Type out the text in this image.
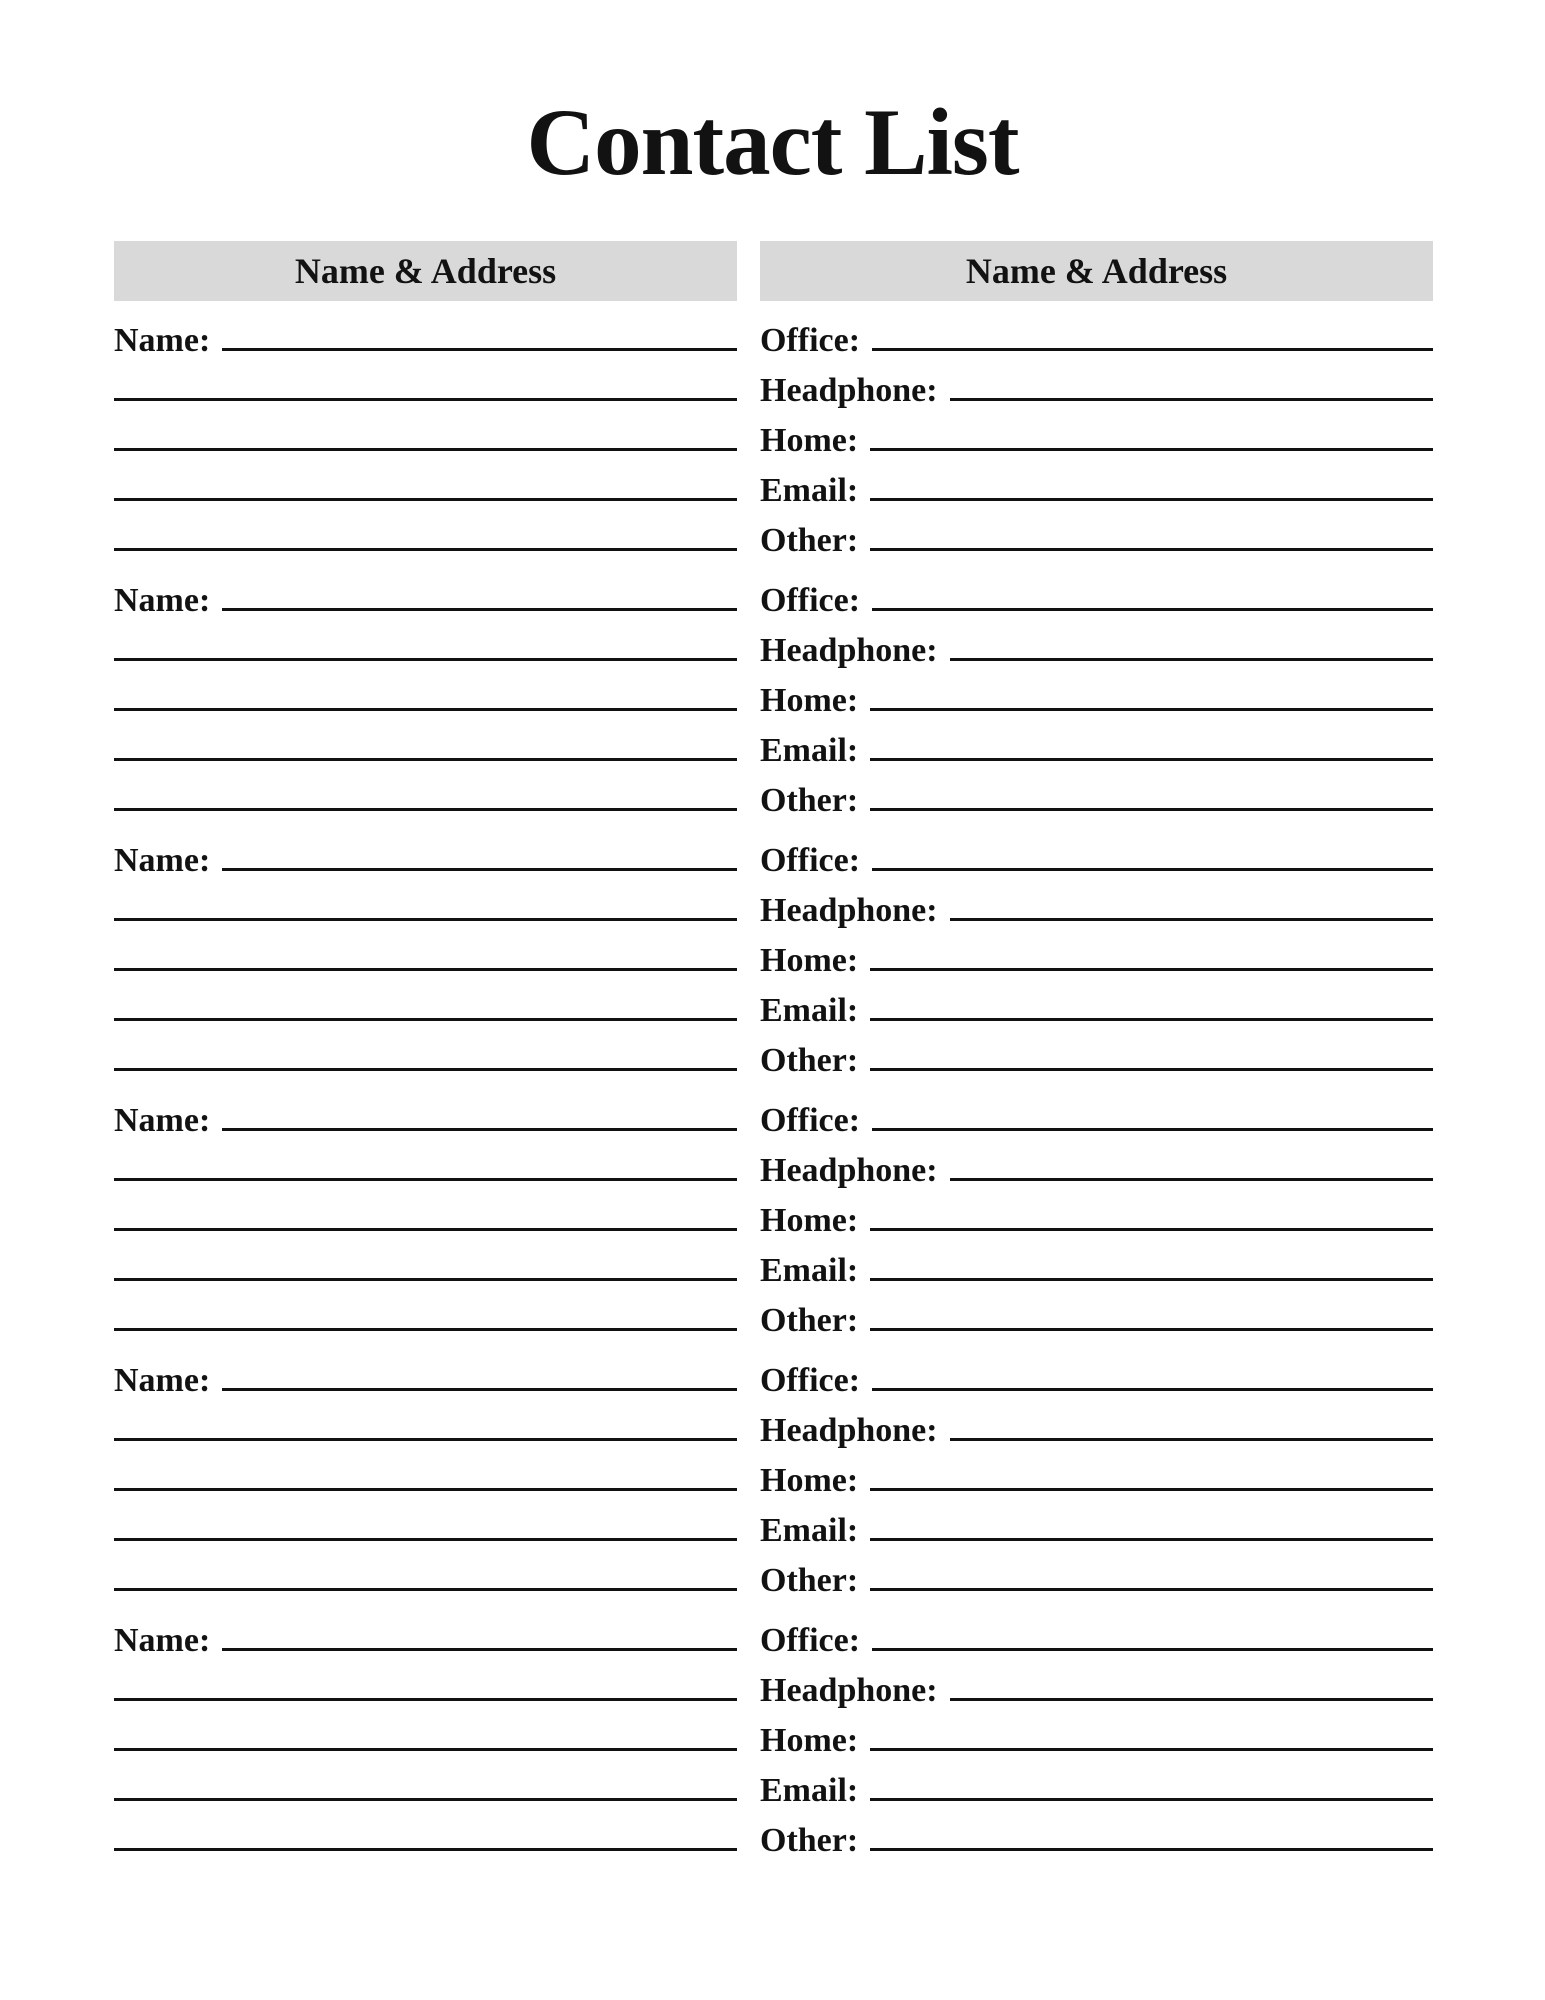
Contact List
Name & Address
Name:
Name:
Name:
Name:
Name:
Name:
Name & Address
Office:
Headphone:
Home:
Email:
Other:
Office:
Headphone:
Home:
Email:
Other:
Office:
Headphone:
Home:
Email:
Other:
Office:
Headphone:
Home:
Email:
Other:
Office:
Headphone:
Home:
Email:
Other:
Office:
Headphone:
Home:
Email:
Other:
